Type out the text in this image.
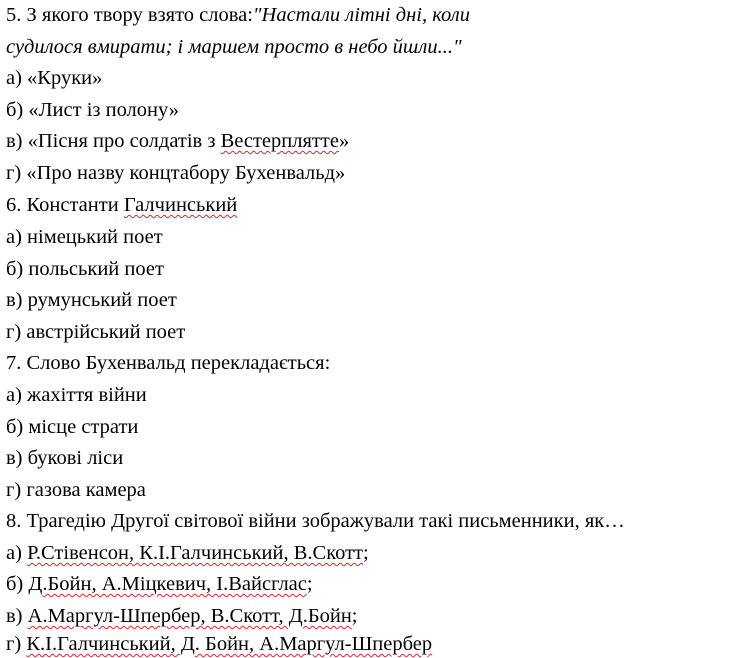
5. З якого твору взято слова:"Настали літні дні, коли
судилося вмирати; і маршем просто в небо йшли..."
а) «Круки»
б) «Лист із полону»
в) «Пісня про солдатів з Вестерплятте»
г) «Про назву концтабору Бухенвальд»
6. Константи Галчинський
а) німецький поет
б) польський поет
в) румунський поет
г) австрійський поет
7. Слово Бухенвальд перекладається:
а) жахіття війни
б) місце страти
в) букові ліси
г) газова камера
8. Трагедію Другої світової війни зображували такі письменники, як…
а) Р.Стівенсон, К.І.Галчинський, В.Скотт;
б) Д.Бойн, А.Міцкевич, І.Вайсглас;
в) А.Маргул-Шпербер, В.Скотт, Д.Бойн;
г) К.І.Галчинський, Д. Бойн, А.Маргул-Шпербер
